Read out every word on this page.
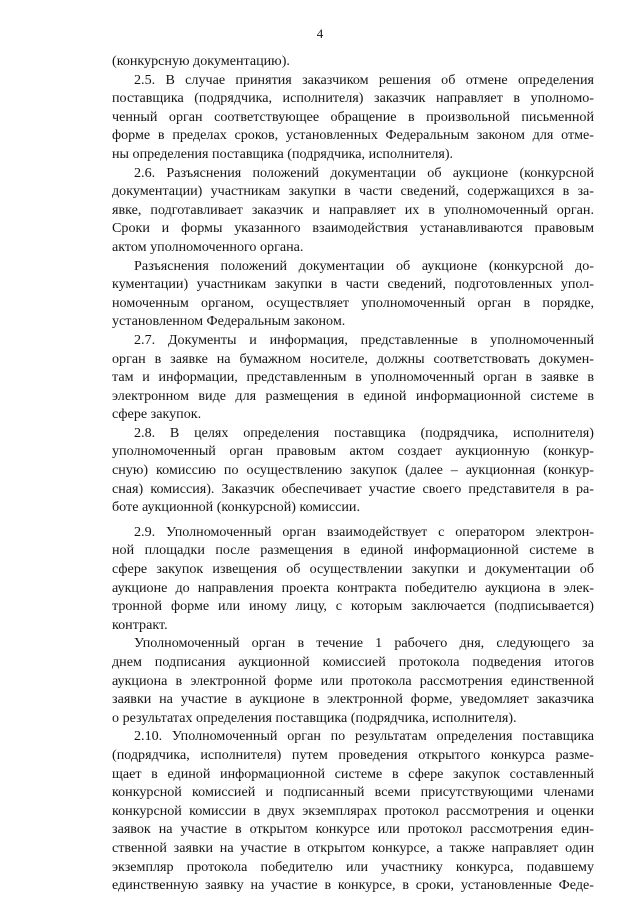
4
(конкурсную документацию).
2.5. В случае принятия заказчиком решения об отмене определения
поставщика (подрядчика, исполнителя) заказчик направляет в уполномо-
ченный орган соответствующее обращение в произвольной письменной
форме в пределах сроков, установленных Федеральным законом для отме-
ны определения поставщика (подрядчика, исполнителя).
2.6. Разъяснения положений документации об аукционе (конкурсной
документации) участникам закупки в части сведений, содержащихся в за-
явке, подготавливает заказчик и направляет их в уполномоченный орган.
Сроки и формы указанного взаимодействия устанавливаются правовым
актом уполномоченного органа.
Разъяснения положений документации об аукционе (конкурсной до-
кументации) участникам закупки в части сведений, подготовленных упол-
номоченным органом, осуществляет уполномоченный орган в порядке,
установленном Федеральным законом.
2.7. Документы и информация, представленные в уполномоченный
орган в заявке на бумажном носителе, должны соответствовать докумен-
там и информации, представленным в уполномоченный орган в заявке в
электронном виде для размещения в единой информационной системе в
сфере закупок.
2.8. В целях определения поставщика (подрядчика, исполнителя)
уполномоченный орган правовым актом создает аукционную (конкур-
сную) комиссию по осуществлению закупок (далее – аукционная (конкур-
сная) комиссия). Заказчик обеспечивает участие своего представителя в ра-
боте аукционной (конкурсной) комиссии.
2.9. Уполномоченный орган взаимодействует с оператором электрон-
ной площадки после размещения в единой информационной системе в
сфере закупок извещения об осуществлении закупки и документации об
аукционе до направления проекта контракта победителю аукциона в элек-
тронной форме или иному лицу, с которым заключается (подписывается)
контракт.
Уполномоченный орган в течение 1 рабочего дня, следующего за
днем подписания аукционной комиссией протокола подведения итогов
аукциона в электронной форме или протокола рассмотрения единственной
заявки на участие в аукционе в электронной форме, уведомляет заказчика
о результатах определения поставщика (подрядчика, исполнителя).
2.10. Уполномоченный орган по результатам определения поставщика
(подрядчика, исполнителя) путем проведения открытого конкурса разме-
щает в единой информационной системе в сфере закупок составленный
конкурсной комиссией и подписанный всеми присутствующими членами
конкурсной комиссии в двух экземплярах протокол рассмотрения и оценки
заявок на участие в открытом конкурсе или протокол рассмотрения един-
ственной заявки на участие в открытом конкурсе, а также направляет один
экземпляр протокола победителю или участнику конкурса, подавшему
единственную заявку на участие в конкурсе, в сроки, установленные Феде-
